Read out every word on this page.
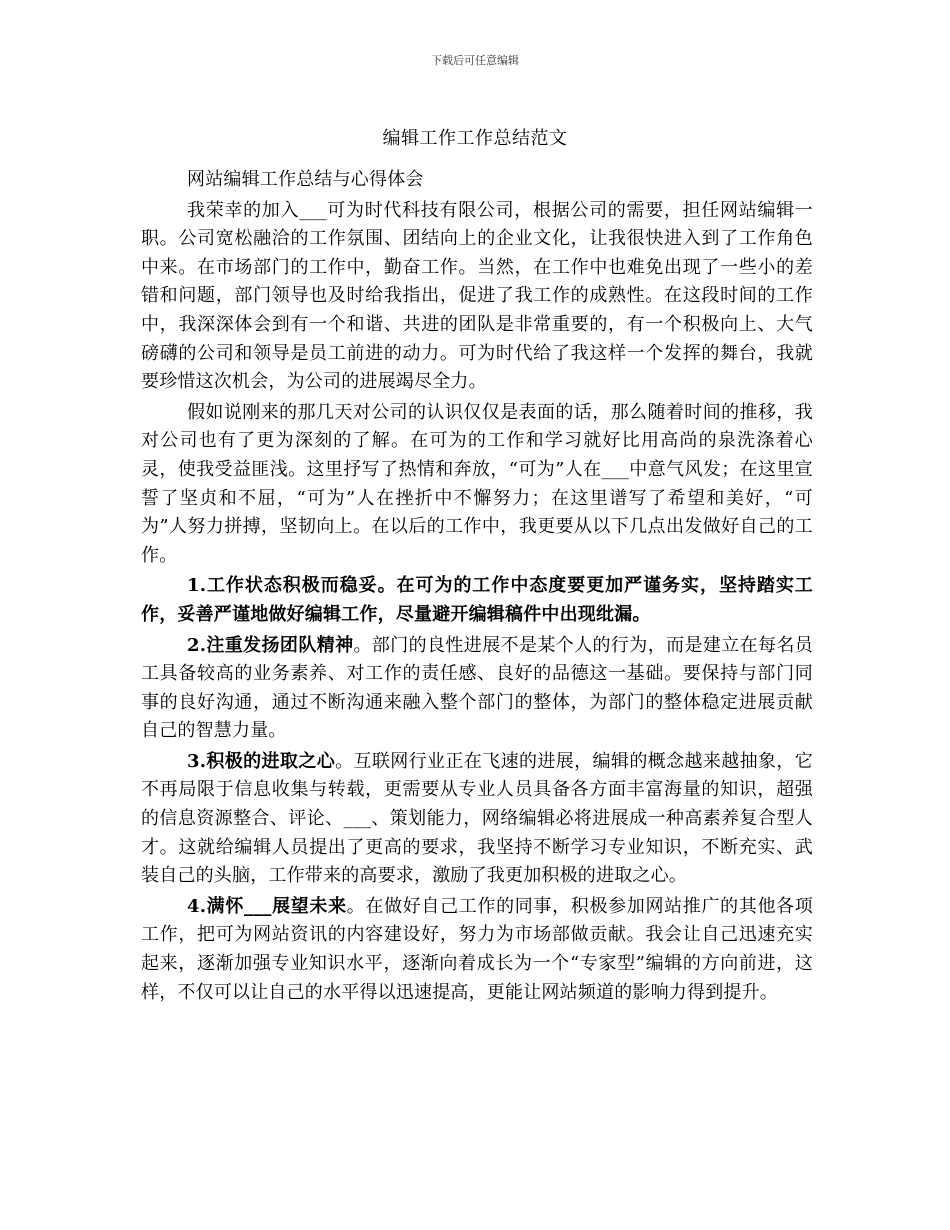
下载后可任意编辑
编辑工作工作总结范文

网站编辑工作总结与心得体会

我荣幸的加入___可为时代科技有限公司，根据公司的需要，担任网站编辑一职。公司宽松融洽的工作氛围、团结向上的企业文化，让我很快进入到了工作角色中来。在市场部门的工作中，勤奋工作。当然，在工作中也难免出现了一些小的差错和问题，部门领导也及时给我指出，促进了我工作的成熟性。在这段时间的工作中，我深深体会到有一个和谐、共进的团队是非常重要的，有一个积极向上、大气磅礴的公司和领导是员工前进的动力。可为时代给了我这样一个发挥的舞台，我就要珍惜这次机会，为公司的进展竭尽全力。

假如说刚来的那几天对公司的认识仅仅是表面的话，那么随着时间的推移，我对公司也有了更为深刻的了解。在可为的工作和学习就好比用高尚的泉洗涤着心灵，使我受益匪浅。这里抒写了热情和奔放，“可为”人在___中意气风发；在这里宣誓了坚贞和不屈，“可为”人在挫折中不懈努力；在这里谱写了希望和美好，“可为”人努力拼搏，坚韧向上。在以后的工作中，我更要从以下几点出发做好自己的工作。

1.工作状态积极而稳妥。在可为的工作中态度要更加严谨务实，坚持踏实工作，妥善严谨地做好编辑工作，尽量避开编辑稿件中出现纰漏。

2.注重发扬团队精神。部门的良性进展不是某个人的行为，而是建立在每名员工具备较高的业务素养、对工作的责任感、良好的品德这一基础。要保持与部门同事的良好沟通，通过不断沟通来融入整个部门的整体，为部门的整体稳定进展贡献自己的智慧力量。

3.积极的进取之心。互联网行业正在飞速的进展，编辑的概念越来越抽象，它不再局限于信息收集与转载，更需要从专业人员具备各方面丰富海量的知识，超强的信息资源整合、评论、___、策划能力，网络编辑必将进展成一种高素养复合型人才。这就给编辑人员提出了更高的要求，我坚持不断学习专业知识，不断充实、武装自己的头脑，工作带来的高要求，激励了我更加积极的进取之心。

4.满怀___展望未来。在做好自己工作的同事，积极参加网站推广的其他各项工作，把可为网站资讯的内容建设好，努力为市场部做贡献。我会让自己迅速充实起来，逐渐加强专业知识水平，逐渐向着成长为一个“专家型”编辑的方向前进，这样，不仅可以让自己的水平得以迅速提高，更能让网站频道的影响力得到提升。
